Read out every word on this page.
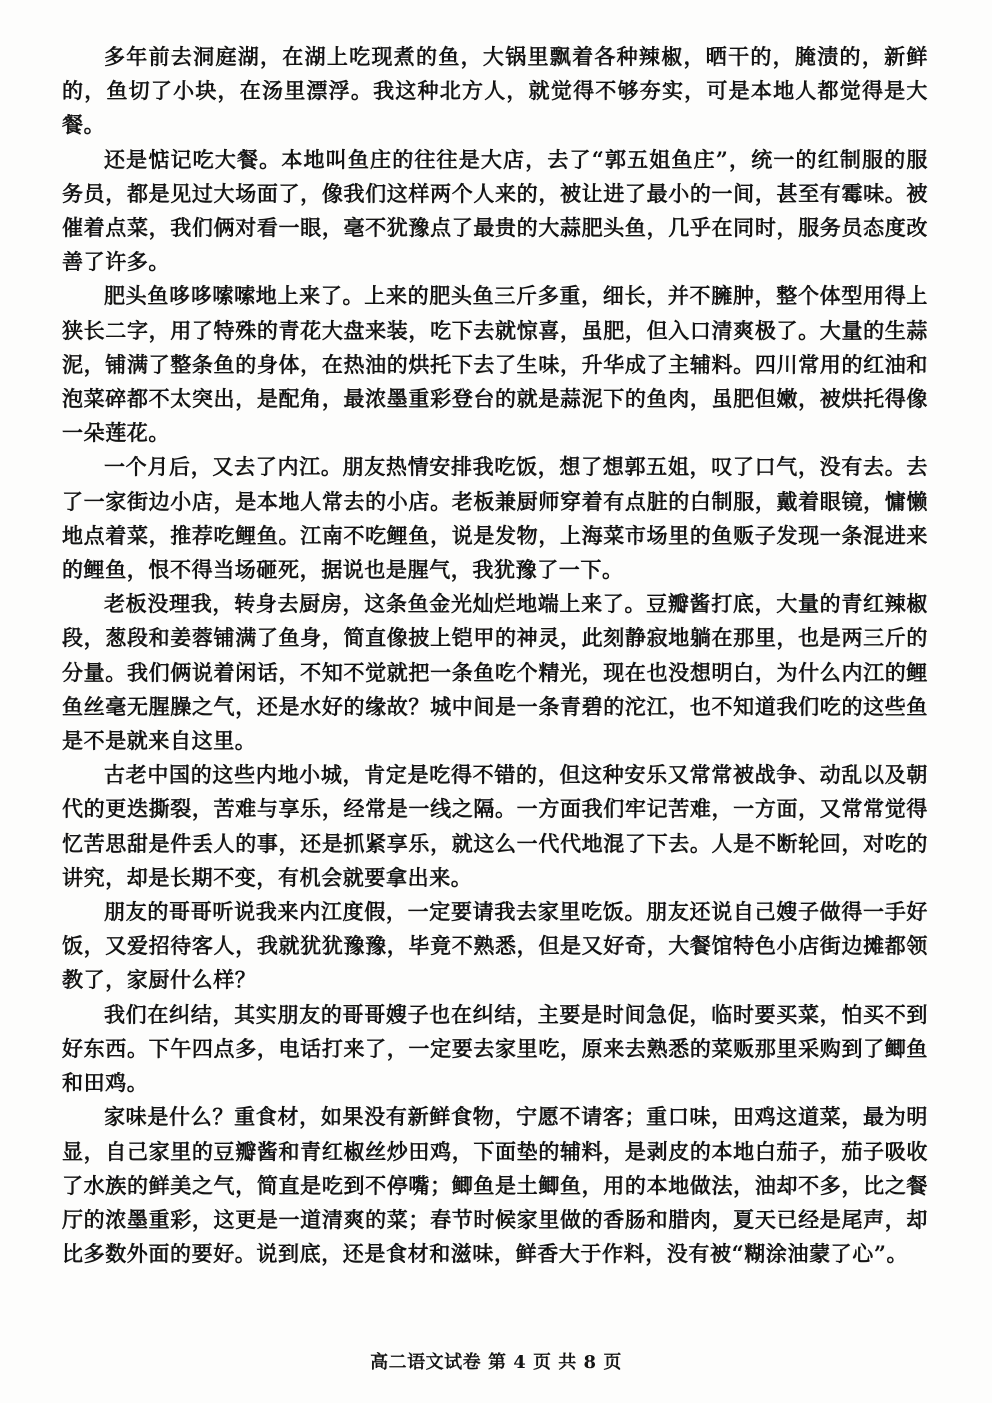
多年前去洞庭湖，在湖上吃现煮的鱼，大锅里飘着各种辣椒，晒干的，腌渍的，新鲜的，鱼切了小块，在汤里漂浮。我这种北方人，就觉得不够夯实，可是本地人都觉得是大餐。

还是惦记吃大餐。本地叫鱼庄的往往是大店，去了“郭五姐鱼庄”，统一的红制服的服务员，都是见过大场面了，像我们这样两个人来的，被让进了最小的一间，甚至有霉味。被催着点菜，我们俩对看一眼，毫不犹豫点了最贵的大蒜肥头鱼，几乎在同时，服务员态度改善了许多。

肥头鱼哆哆嗦嗦地上来了。上来的肥头鱼三斤多重，细长，并不臃肿，整个体型用得上狭长二字，用了特殊的青花大盘来装，吃下去就惊喜，虽肥，但入口清爽极了。大量的生蒜泥，铺满了整条鱼的身体，在热油的烘托下去了生味，升华成了主辅料。四川常用的红油和泡菜碎都不太突出，是配角，最浓墨重彩登台的就是蒜泥下的鱼肉，虽肥但嫩，被烘托得像一朵莲花。

一个月后，又去了内江。朋友热情安排我吃饭，想了想郭五姐，叹了口气，没有去。去了一家街边小店，是本地人常去的小店。老板兼厨师穿着有点脏的白制服，戴着眼镜，慵懒地点着菜，推荐吃鲤鱼。江南不吃鲤鱼，说是发物，上海菜市场里的鱼贩子发现一条混进来的鲤鱼，恨不得当场砸死，据说也是腥气，我犹豫了一下。

老板没理我，转身去厨房，这条鱼金光灿烂地端上来了。豆瓣酱打底，大量的青红辣椒段，葱段和姜蓉铺满了鱼身，简直像披上铠甲的神灵，此刻静寂地躺在那里，也是两三斤的分量。我们俩说着闲话，不知不觉就把一条鱼吃个精光，现在也没想明白，为什么内江的鲤鱼丝毫无腥臊之气，还是水好的缘故？城中间是一条青碧的沱江，也不知道我们吃的这些鱼是不是就来自这里。

古老中国的这些内地小城，肯定是吃得不错的，但这种安乐又常常被战争、动乱以及朝代的更迭撕裂，苦难与享乐，经常是一线之隔。一方面我们牢记苦难，一方面，又常常觉得忆苦思甜是件丢人的事，还是抓紧享乐，就这么一代代地混了下去。人是不断轮回，对吃的讲究，却是长期不变，有机会就要拿出来。

朋友的哥哥听说我来内江度假，一定要请我去家里吃饭。朋友还说自己嫂子做得一手好饭，又爱招待客人，我就犹犹豫豫，毕竟不熟悉，但是又好奇，大餐馆特色小店街边摊都领教了，家厨什么样？

我们在纠结，其实朋友的哥哥嫂子也在纠结，主要是时间急促，临时要买菜，怕买不到好东西。下午四点多，电话打来了，一定要去家里吃，原来去熟悉的菜贩那里采购到了鲫鱼和田鸡。

家味是什么？重食材，如果没有新鲜食物，宁愿不请客；重口味，田鸡这道菜，最为明显，自己家里的豆瓣酱和青红椒丝炒田鸡，下面垫的辅料，是剥皮的本地白茄子，茄子吸收了水族的鲜美之气，简直是吃到不停嘴；鲫鱼是土鲫鱼，用的本地做法，油却不多，比之餐厅的浓墨重彩，这更是一道清爽的菜；春节时候家里做的香肠和腊肉，夏天已经是尾声，却比多数外面的要好。说到底，还是食材和滋味，鲜香大于作料，没有被“糊涂油蒙了心”。

高二语文试卷 第 4 页 共 8 页
